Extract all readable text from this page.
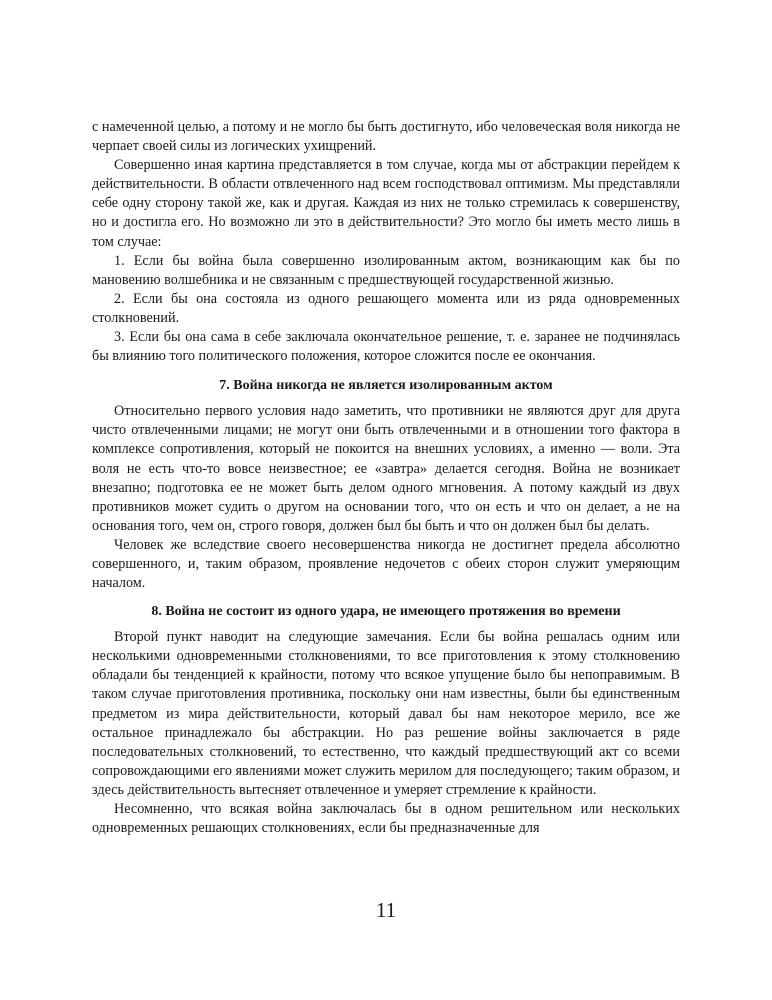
с намеченной целью, а потому и не могло бы быть достигнуто, ибо человеческая воля никогда не черпает своей силы из логических ухищрений.

Совершенно иная картина представляется в том случае, когда мы от абстракции перейдем к действительности. В области отвлеченного над всем господствовал оптимизм. Мы представляли себе одну сторону такой же, как и другая. Каждая из них не только стремилась к совершенству, но и достигла его. Но возможно ли это в действительности? Это могло бы иметь место лишь в том случае:

1. Если бы война была совершенно изолированным актом, возникающим как бы по мановению волшебника и не связанным с предшествующей государственной жизнью.

2. Если бы она состояла из одного решающего момента или из ряда одновременных столкновений.

3. Если бы она сама в себе заключала окончательное решение, т. е. заранее не подчинялась бы влиянию того политического положения, которое сложится после ее окончания.

7. Война никогда не является изолированным актом

Относительно первого условия надо заметить, что противники не являются друг для друга чисто отвлеченными лицами; не могут они быть отвлеченными и в отношении того фактора в комплексе сопротивления, который не покоится на внешних условиях, а именно — воли. Эта воля не есть что-то вовсе неизвестное; ее «завтра» делается сегодня. Война не возникает внезапно; подготовка ее не может быть делом одного мгновения. А потому каждый из двух противников может судить о другом на основании того, что он есть и что он делает, а не на основания того, чем он, строго говоря, должен был бы быть и что он должен был бы делать.

Человек же вследствие своего несовершенства никогда не достигнет предела абсолютно совершенного, и, таким образом, проявление недочетов с обеих сторон служит умеряющим началом.

8. Война не состоит из одного удара, не имеющего протяжения во времени

Второй пункт наводит на следующие замечания. Если бы война решалась одним или несколькими одновременными столкновениями, то все приготовления к этому столкновению обладали бы тенденцией к крайности, потому что всякое упущение было бы непоправимым. В таком случае приготовления противника, поскольку они нам известны, были бы единственным предметом из мира действительности, который давал бы нам некоторое мерило, все же остальное принадлежало бы абстракции. Но раз решение войны заключается в ряде последовательных столкновений, то естественно, что каждый предшествующий акт со всеми сопровождающими его явлениями может служить мерилом для последующего; таким образом, и здесь действительность вытесняет отвлеченное и умеряет стремление к крайности.

Несомненно, что всякая война заключалась бы в одном решительном или нескольких одновременных решающих столкновениях, если бы предназначенные для

11
